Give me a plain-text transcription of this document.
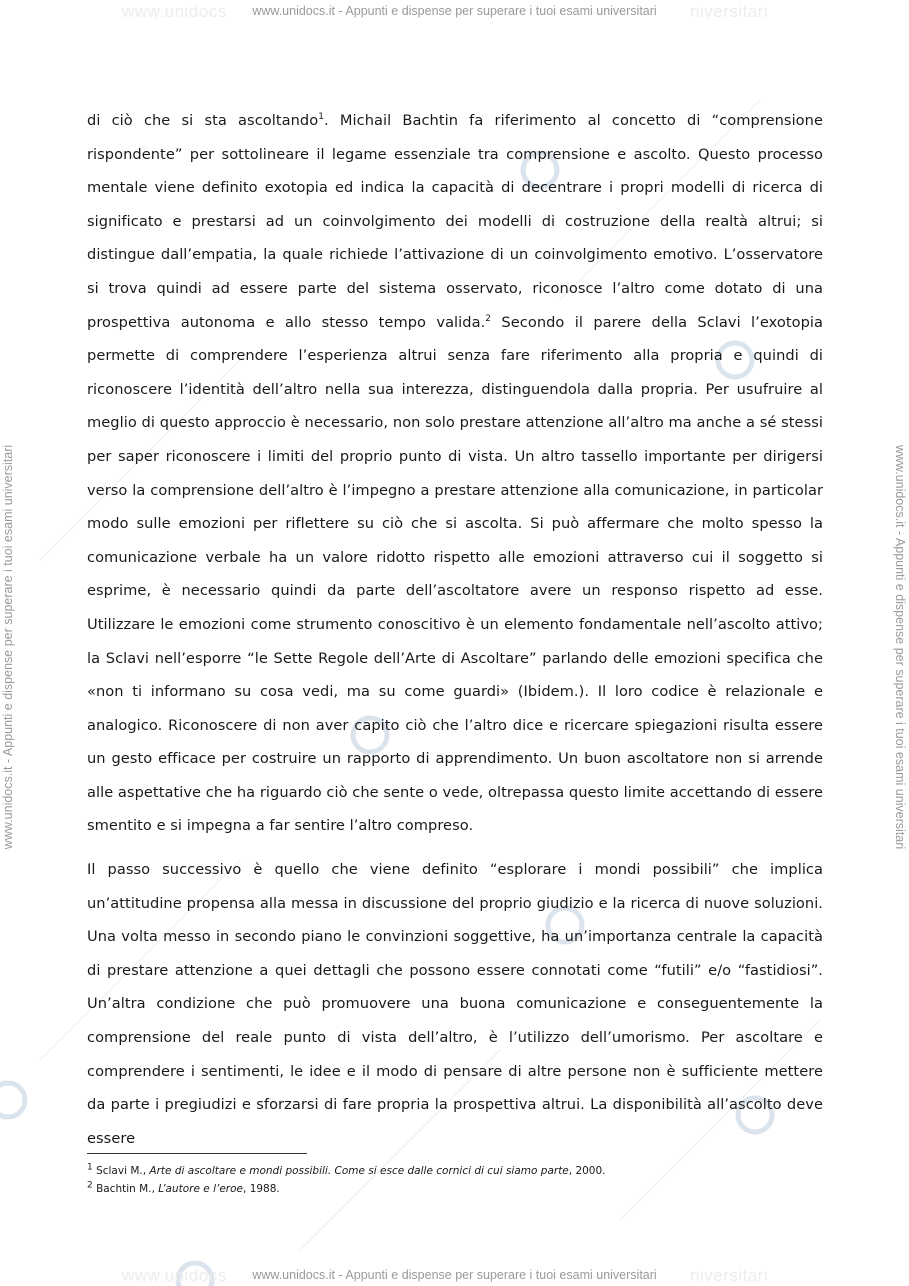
www.unidocs	niversitari
www.unidocs.it - Appunti e dispense per superare i tuoi esami universitari
www.unidocs	niversitari
www.unidocs.it - Appunti e dispense per superare i tuoi esami universitari
www.unidocs.it - Appunti e dispense per superare i tuoi esami universitari	www.unidocs.it - Appunti e dispense per superare i tuoi esami universitari

di ciò che si sta ascoltando$^1$. Michail Bachtin fa riferimento al concetto di “comprensione rispondente” per sottolineare il legame essenziale tra comprensione e ascolto. Questo processo mentale viene definito exotopia ed indica la capacità di decentrare i propri modelli di ricerca di significato e prestarsi ad un coinvolgimento dei modelli di costruzione della realtà altrui; si distingue dall’empatia, la quale richiede l’attivazione di un coinvolgimento emotivo. L’osservatore si trova quindi ad essere parte del sistema osservato, riconosce l’altro come dotato di una prospettiva autonoma e allo stesso tempo valida.$^2$ Secondo il parere della Sclavi l’exotopia permette di comprendere l’esperienza altrui senza fare riferimento alla propria e quindi di riconoscere l’identità dell’altro nella sua interezza, distinguendola dalla propria. Per usufruire al meglio di questo approccio è necessario, non solo prestare attenzione all’altro ma anche a sé stessi per saper riconoscere i limiti del proprio punto di vista. Un altro tassello importante per dirigersi verso la comprensione dell’altro è l’impegno a prestare attenzione alla comunicazione, in particolar modo sulle emozioni per riflettere su ciò che si ascolta. Si può affermare che molto spesso la comunicazione verbale ha un valore ridotto rispetto alle emozioni attraverso cui il soggetto si esprime, è necessario quindi da parte dell’ascoltatore avere un responso rispetto ad esse. Utilizzare le emozioni come strumento conoscitivo è un elemento fondamentale nell’ascolto attivo; la Sclavi nell’esporre “le Sette Regole dell’Arte di Ascoltare” parlando delle emozioni specifica che «non ti informano su cosa vedi, ma su come guardi» (Ibidem.). Il loro codice è relazionale e analogico. Riconoscere di non aver capito ciò che l’altro dice e ricercare spiegazioni risulta essere un gesto efficace per costruire un rapporto di apprendimento. Un buon ascoltatore non si arrende alle aspettative che ha riguardo ciò che sente o vede, oltrepassa questo limite accettando di essere smentito e si impegna a far sentire l’altro compreso.

Il passo successivo è quello che viene definito “esplorare i mondi possibili” che implica un’attitudine propensa alla messa in discussione del proprio giudizio e la ricerca di nuove soluzioni. Una volta messo in secondo piano le convinzioni soggettive, ha un’importanza centrale la capacità di prestare attenzione a quei dettagli che possono essere connotati come “futili” e/o “fastidiosi”. Un’altra condizione che può promuovere una buona comunicazione e conseguentemente la comprensione del reale punto di vista dell’altro, è l’utilizzo dell’umorismo. Per ascoltare e comprendere i sentimenti, le idee e il modo di pensare di altre persone non è sufficiente mettere da parte i pregiudizi e sforzarsi di fare propria la prospettiva altrui. La disponibilità all’ascolto deve essere

$^1$ Sclavi M., Arte di ascoltare e mondi possibili. Come si esce dalle cornici di cui siamo parte, 2000.
$^2$ Bachtin M., L’autore e l’eroe, 1988.
